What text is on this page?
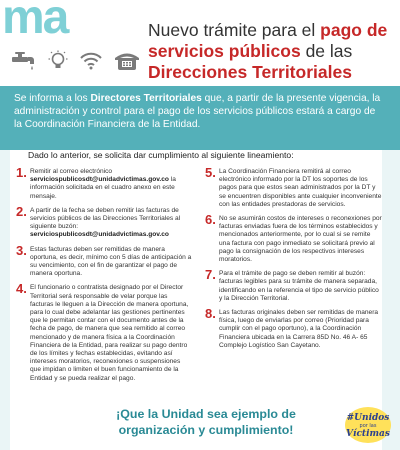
ma	Nuevo trámite para el pago de servicios públicos de las Direcciones Territoriales

Se informa a los Directores Territoriales que, a partir de la presente vigencia, la administración y control para el pago de los servicios públicos estará a cargo de la Coordinación Financiera de la Entidad.

Dado lo anterior, se solicita dar cumplimiento al siguiente lineamiento:
1. Remitir al correo electrónico serviciospublicosdt@unidadvictimas.gov.co la información solicitada en el cuadro anexo en este mensaje.
2. A partir de la fecha se deben remitir las facturas de servicios públicos de las Direcciones Territoriales al siguiente buzón: serviciospublicosdt@unidadvictimas.gov.co
3. Estas facturas deben ser remitidas de manera oportuna, es decir, mínimo con 5 días de anticipación a su vencimiento, con el fin de garantizar el pago de manera oportuna.
4. El funcionario o contratista designado por el Director Territorial será responsable de velar porque las facturas le lleguen a la Dirección de manera oportuna, para lo cual debe adelantar las gestiones pertinentes que le permitan contar con el documento antes de la fecha de pago, de manera que sea remitido al correo mencionado y de manera física a la Coordinación Financiera de la Entidad, para realizar su pago dentro de los límites y fechas establecidas, evitando así intereses moratorios, reconexiones o suspensiones que impidan o limiten el buen funcionamiento de la Entidad y se pueda realizar el pago.
5. La Coordinación Financiera remitirá al correo electrónico informado por la DT los soportes de los pagos para que estos sean administrados por la DT y se encuentren disponibles ante cualquier inconveniente con las entidades prestadoras de servicios.
6. No se asumirán costos de intereses o reconexiones por facturas enviadas fuera de los términos establecidos y mencionados anteriormente, por lo cual si se remite una factura con pago inmediato se solicitará previo al pago la consignación de los respectivos intereses moratorios.
7. Para el trámite de pago se deben remitir al buzón: facturas legibles para su trámite de manera separada, identificando en la referencia el tipo de servicio público y la Dirección Territorial.
8. Las facturas originales deben ser remitidas de manera física, luego de enviarlas por correo (Prioridad para cumplir con el pago oportuno), a la Coordinación Financiera ubicada en la Carrera 85D No. 46 A- 65 Complejo Logístico San Cayetano.
¡Que la Unidad sea ejemplo de organización y cumplimiento!
#Unidos
por las
Víctimas
